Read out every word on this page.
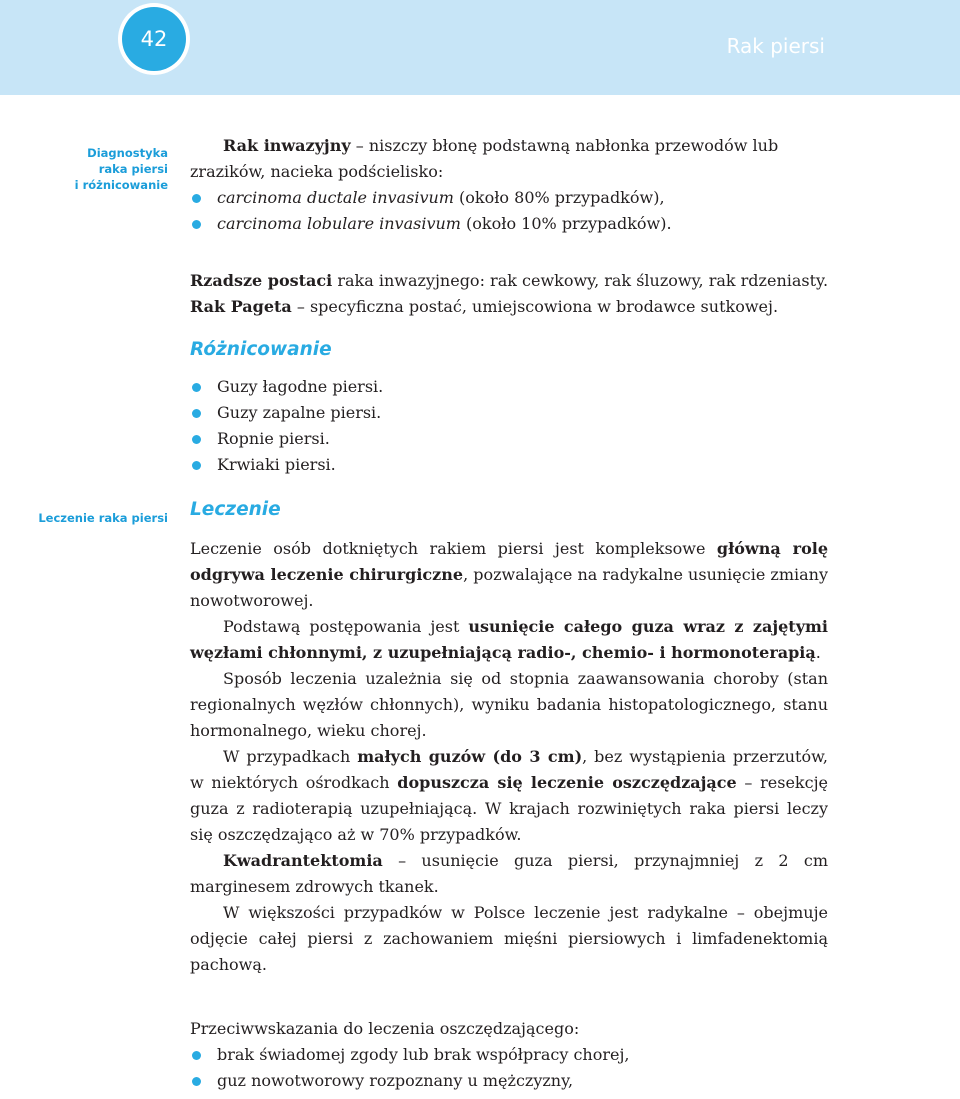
42	Rak piersi
Diagnostyka
raka piersi
i różnicowanie
Leczenie raka piersi
Rak inwazyjny – niszczy błonę podstawną nabłonka przewodów lub
zrazików, nacieka podścielisko:
carcinoma ductale invasivum (około 80% przypadków),
carcinoma lobulare invasivum (około 10% przypadków).
Rzadsze postaci raka inwazyjnego: rak cewkowy, rak śluzowy, rak rdzeniasty.
Rak Pageta – specyficzna postać, umiejscowiona w brodawce sutkowej.
Różnicowanie
Guzy łagodne piersi.
Guzy zapalne piersi.
Ropnie piersi.
Krwiaki piersi.
Leczenie

Leczenie osób dotkniętych rakiem piersi jest kompleksowe główną rolę odgrywa leczenie chirurgiczne, pozwalające na radykalne usunięcie zmiany nowotworowej.

Podstawą postępowania jest usunięcie całego guza wraz z zajętymi węzłami chłonnymi, z uzupełniającą radio-, chemio- i hormonoterapią.

Sposób leczenia uzależnia się od stopnia zaawansowania choroby (stan regionalnych węzłów chłonnych), wyniku badania histopatologicznego, stanu hormonalnego, wieku chorej.

W przypadkach małych guzów (do 3 cm), bez wystąpienia przerzutów, w niektórych ośrodkach dopuszcza się leczenie oszczędzające – resekcję guza z radioterapią uzupełniającą. W krajach rozwiniętych raka piersi leczy się oszczędzająco aż w 70% przypadków.

Kwadrantektomia – usunięcie guza piersi, przynajmniej z 2 cm marginesem zdrowych tkanek.

W większości przypadków w Polsce leczenie jest radykalne – obejmuje odjęcie całej piersi z zachowaniem mięśni piersiowych i limfadenektomią pachową.

Przeciwwskazania do leczenia oszczędzającego:
brak świadomej zgody lub brak współpracy chorej,
guz nowotworowy rozpoznany u mężczyzny,
